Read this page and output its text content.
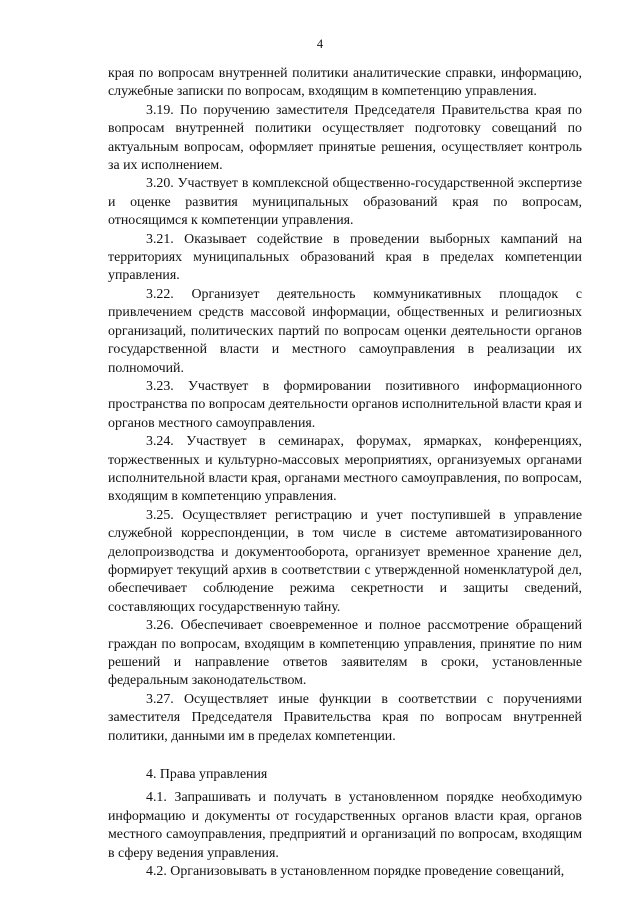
4

края по вопросам внутренней политики аналитические справки, информацию, служебные записки по вопросам, входящим в компетенцию управления.

3.19. По поручению заместителя Председателя Правительства края по вопросам внутренней политики осуществляет подготовку совещаний по актуальным вопросам, оформляет принятые решения, осуществляет контроль за их исполнением.

3.20. Участвует в комплексной общественно-государственной экспертизе и оценке развития муниципальных образований края по вопросам, относящимся к компетенции управления.

3.21. Оказывает содействие в проведении выборных кампаний на территориях муниципальных образований края в пределах компетенции управления.

3.22. Организует деятельность коммуникативных площадок с привлечением средств массовой информации, общественных и религиозных организаций, политических партий по вопросам оценки деятельности органов государственной власти и местного самоуправления в реализации их полномочий.

3.23. Участвует в формировании позитивного информационного пространства по вопросам деятельности органов исполнительной власти края и органов местного самоуправления.

3.24. Участвует в семинарах, форумах, ярмарках, конференциях, торжественных и культурно-массовых мероприятиях, организуемых органами исполнительной власти края, органами местного самоуправления, по вопросам, входящим в компетенцию управления.

3.25. Осуществляет регистрацию и учет поступившей в управление служебной корреспонденции, в том числе в системе автоматизированного делопроизводства и документооборота, организует временное хранение дел, формирует текущий архив в соответствии с утвержденной номенклатурой дел, обеспечивает соблюдение режима секретности и защиты сведений, составляющих государственную тайну.

3.26. Обеспечивает своевременное и полное рассмотрение обращений граждан по вопросам, входящим в компетенцию управления, принятие по ним решений и направление ответов заявителям в сроки, установленные федеральным законодательством.

3.27. Осуществляет иные функции в соответствии с поручениями заместителя Председателя Правительства края по вопросам внутренней политики, данными им в пределах компетенции.

4. Права управления

4.1. Запрашивать и получать в установленном порядке необходимую информацию и документы от государственных органов власти края, органов местного самоуправления, предприятий и организаций по вопросам, входящим в сферу ведения управления.

4.2. Организовывать в установленном порядке проведение совещаний,
